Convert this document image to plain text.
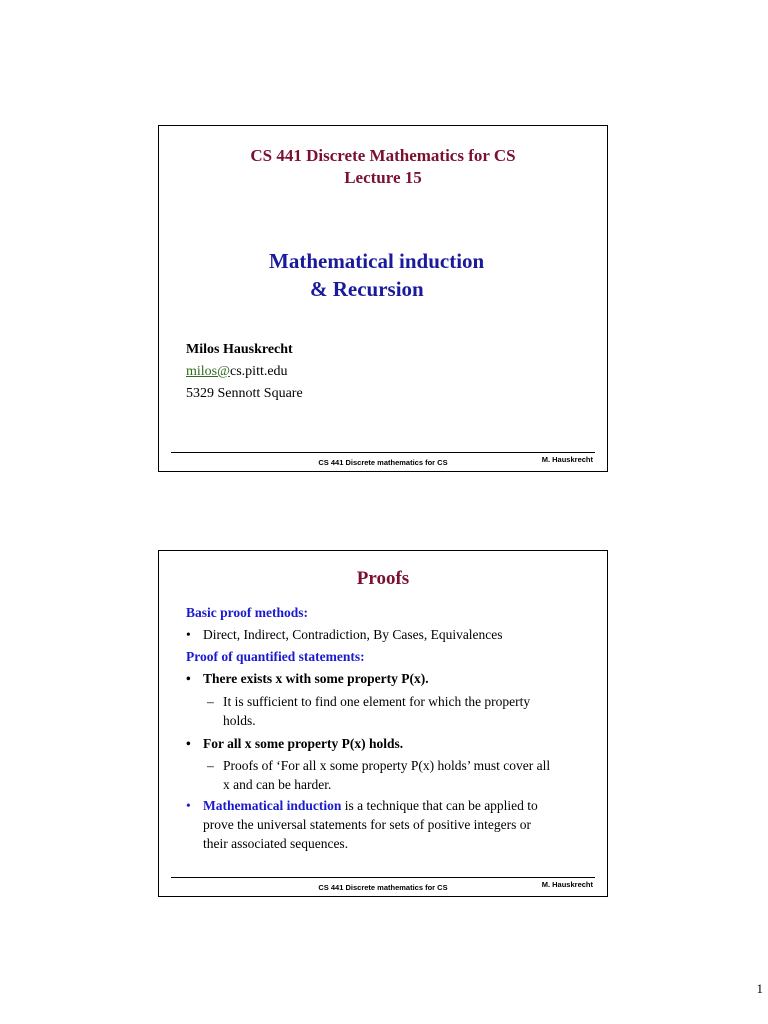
CS 441 Discrete Mathematics for CS
Lecture 15
Mathematical induction
& Recursion
Milos Hauskrecht
milos@cs.pitt.edu
5329 Sennott Square
CS 441 Discrete mathematics for CS	M. Hauskrecht
Proofs
Basic proof methods:
• Direct, Indirect, Contradiction, By Cases, Equivalences
Proof of quantified statements:
• There exists x with some property P(x).
– It is sufficient to find one element for which the property
holds.
• For all x some property P(x) holds.
– Proofs of ‘For all x some property P(x) holds’ must cover all
x and can be harder.
• Mathematical induction is a technique that can be applied to
prove the universal statements for sets of positive integers or
their associated sequences.
CS 441 Discrete mathematics for CS	M. Hauskrecht
1
